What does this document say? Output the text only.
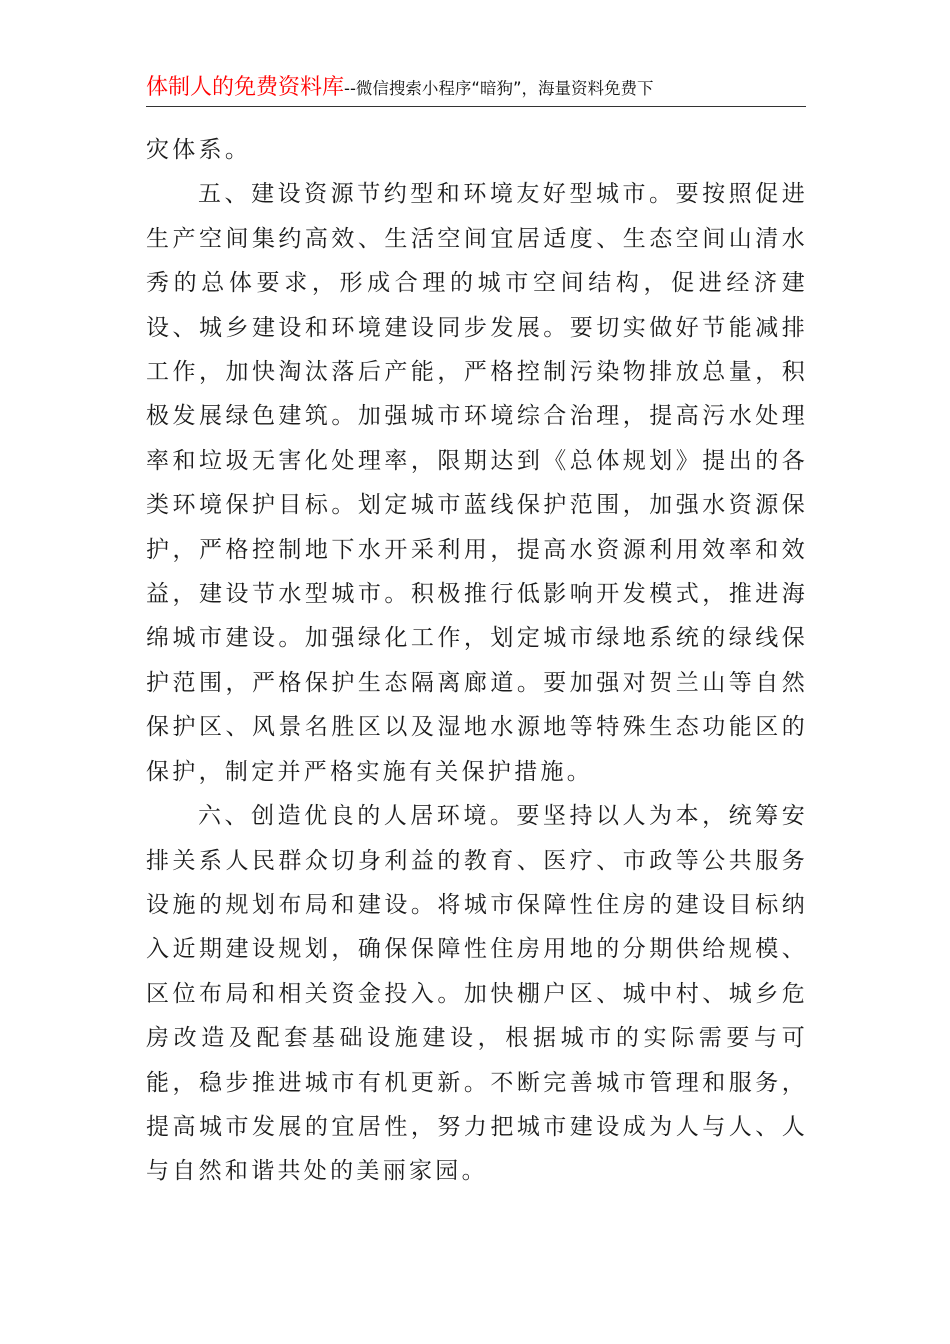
体制人的免费资料库--微信搜索小程序“暗狗”，海量资料免费下

灾体系。

五、建设资源节约型和环境友好型城市。要按照促进生产空间集约高效、生活空间宜居适度、生态空间山清水秀的总体要求，形成合理的城市空间结构，促进经济建设、城乡建设和环境建设同步发展。要切实做好节能减排工作，加快淘汰落后产能，严格控制污染物排放总量，积极发展绿色建筑。加强城市环境综合治理，提高污水处理率和垃圾无害化处理率，限期达到《总体规划》提出的各类环境保护目标。划定城市蓝线保护范围，加强水资源保护，严格控制地下水开采利用，提高水资源利用效率和效益，建设节水型城市。积极推行低影响开发模式，推进海绵城市建设。加强绿化工作，划定城市绿地系统的绿线保护范围，严格保护生态隔离廊道。要加强对贺兰山等自然保护区、风景名胜区以及湿地水源地等特殊生态功能区的保护，制定并严格实施有关保护措施。

六、创造优良的人居环境。要坚持以人为本，统筹安排关系人民群众切身利益的教育、医疗、市政等公共服务设施的规划布局和建设。将城市保障性住房的建设目标纳入近期建设规划，确保保障性住房用地的分期供给规模、区位布局和相关资金投入。加快棚户区、城中村、城乡危房改造及配套基础设施建设，根据城市的实际需要与可能，稳步推进城市有机更新。不断完善城市管理和服务，提高城市发展的宜居性，努力把城市建设成为人与人、人与自然和谐共处的美丽家园。
